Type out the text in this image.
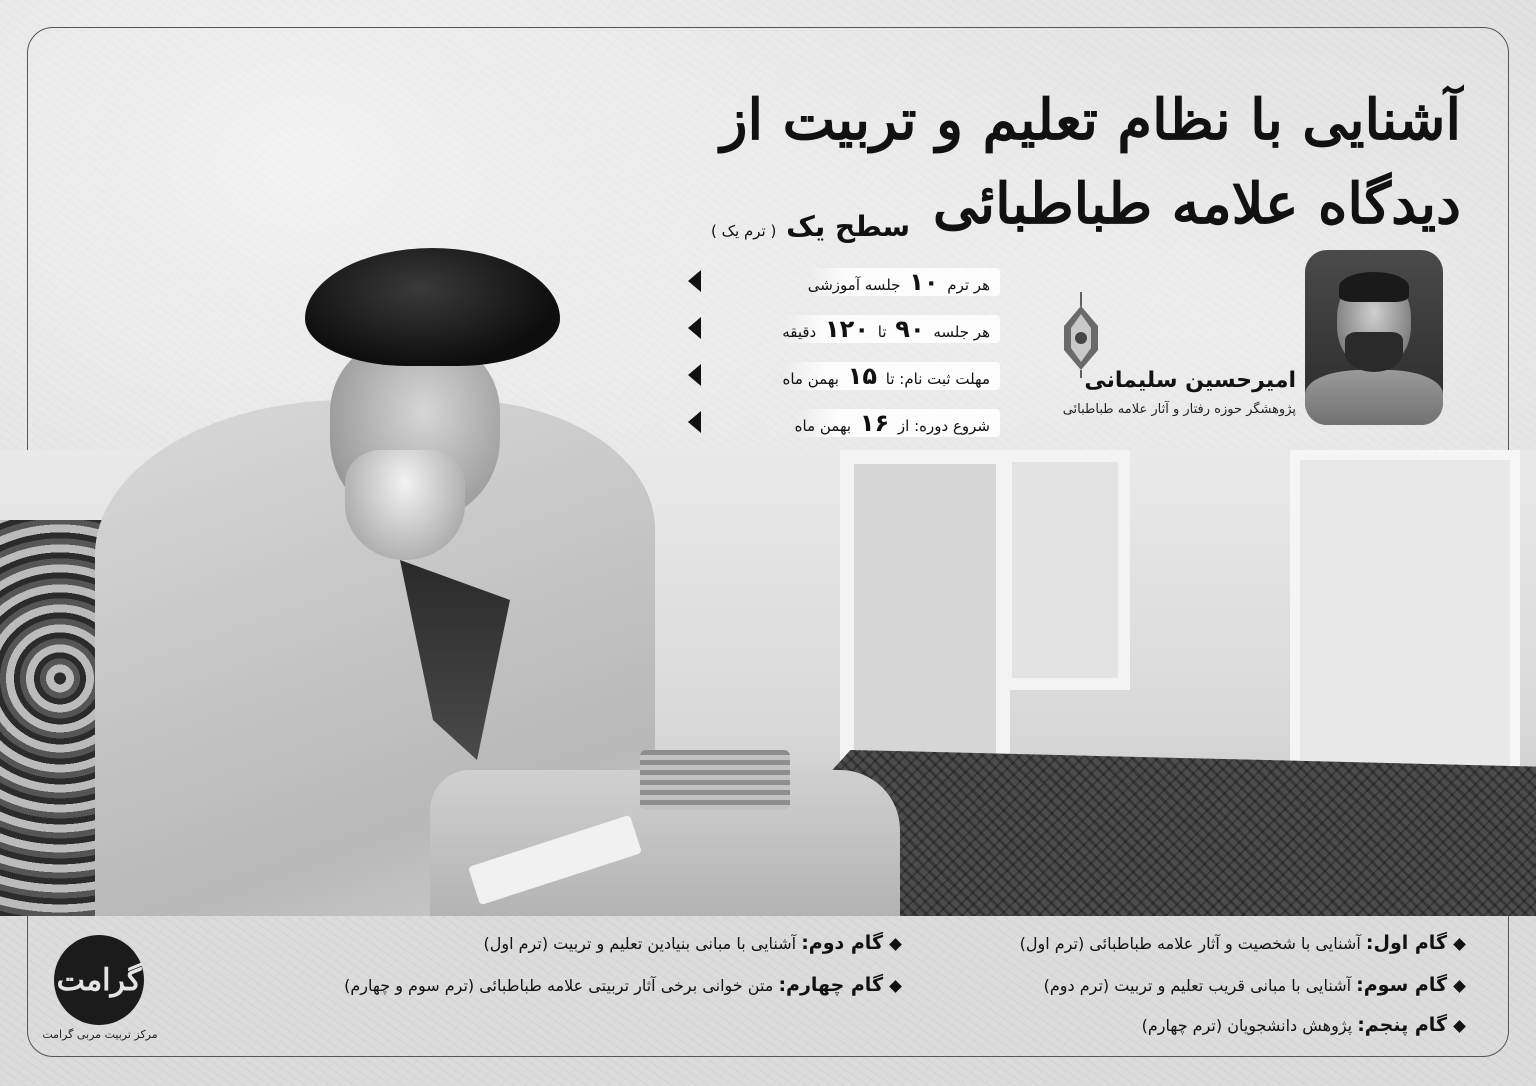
آشنایی با نظام تعلیم و تربیت از دیدگاه علامه طباطبائی
سطح یک ( ترم یک )
هر ترم ۱۰ جلسه آموزشی
هر جلسه ۹۰ تا ۱۲۰ دقیقه
مهلت ثبت نام: تا ۱۵ بهمن ماه
شروع دوره: از ۱۶ بهمن ماه
امیرحسین سلیمانی
پژوهشگر حوزه رفتار و آثار علامه طباطبائی
گام اول: آشنایی با شخصیت و آثار علامه طباطبائی (ترم اول)
گام دوم: آشنایی با مبانی بنیادین تعلیم و تربیت (ترم اول)
گام سوم: آشنایی با مبانی قریب تعلیم و تربیت (ترم دوم)
گام چهارم: متن خوانی برخی آثار تربیتی علامه طباطبائی (ترم سوم و چهارم)
گام پنجم: پژوهش دانشجویان (ترم چهارم)
گرامت
مرکز تربیت مربی گرامت
